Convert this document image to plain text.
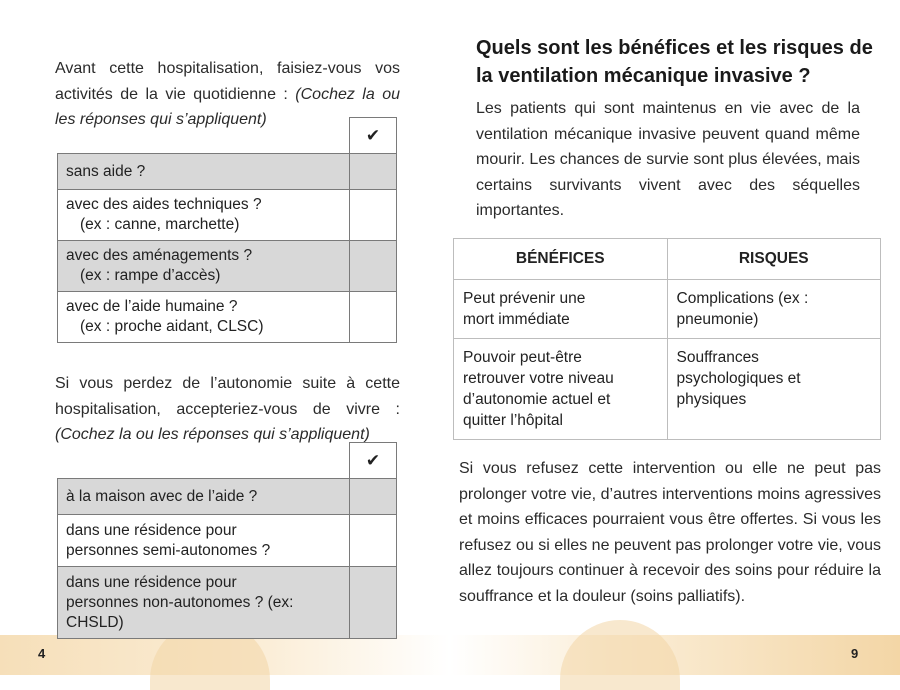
Avant cette hospitalisation, faisiez-vous vos activités de la vie quotidienne : (Cochez la ou les réponses qui s’appliquent)
	✔
sans aide ?	
avec des aides techniques ?
(ex : canne, marchette)	

avec des aménagements ?
(ex : rampe d’accès)	

avec de l’aide humaine ?
(ex : proche aidant, CLSC)	

Si vous perdez de l’autonomie suite à cette hospitalisation, accepteriez-vous de vivre : (Cochez la ou les réponses qui s’appliquent)
	✔
à la maison avec de l’aide ?	
dans une résidence pour personnes semi-autonomes ?	
dans une résidence pour personnes non-autonomes ? (ex: CHSLD)	
4
Quels sont les bénéfices et les risques de la ventilation mécanique invasive ?
Les patients qui sont maintenus en vie avec de la ventilation mécanique invasive peuvent quand même mourir. Les chances de survie sont plus élevées, mais certains survivants vivent avec des séquelles importantes.
BÉNÉFICES	RISQUES
Peut prévenir une mort immédiate	Complications (ex : pneumonie)
Pouvoir peut-être retrouver votre niveau d’autonomie actuel et quitter l’hôpital	Souffrances psychologiques et physiques
Si vous refusez cette intervention ou elle ne peut pas prolonger votre vie, d’autres interventions moins agressives et moins efficaces pourraient vous être offertes. Si vous les refusez ou si elles ne peuvent pas prolonger votre vie, vous allez toujours continuer à recevoir des soins pour réduire la souffrance et la douleur (soins palliatifs).
9
